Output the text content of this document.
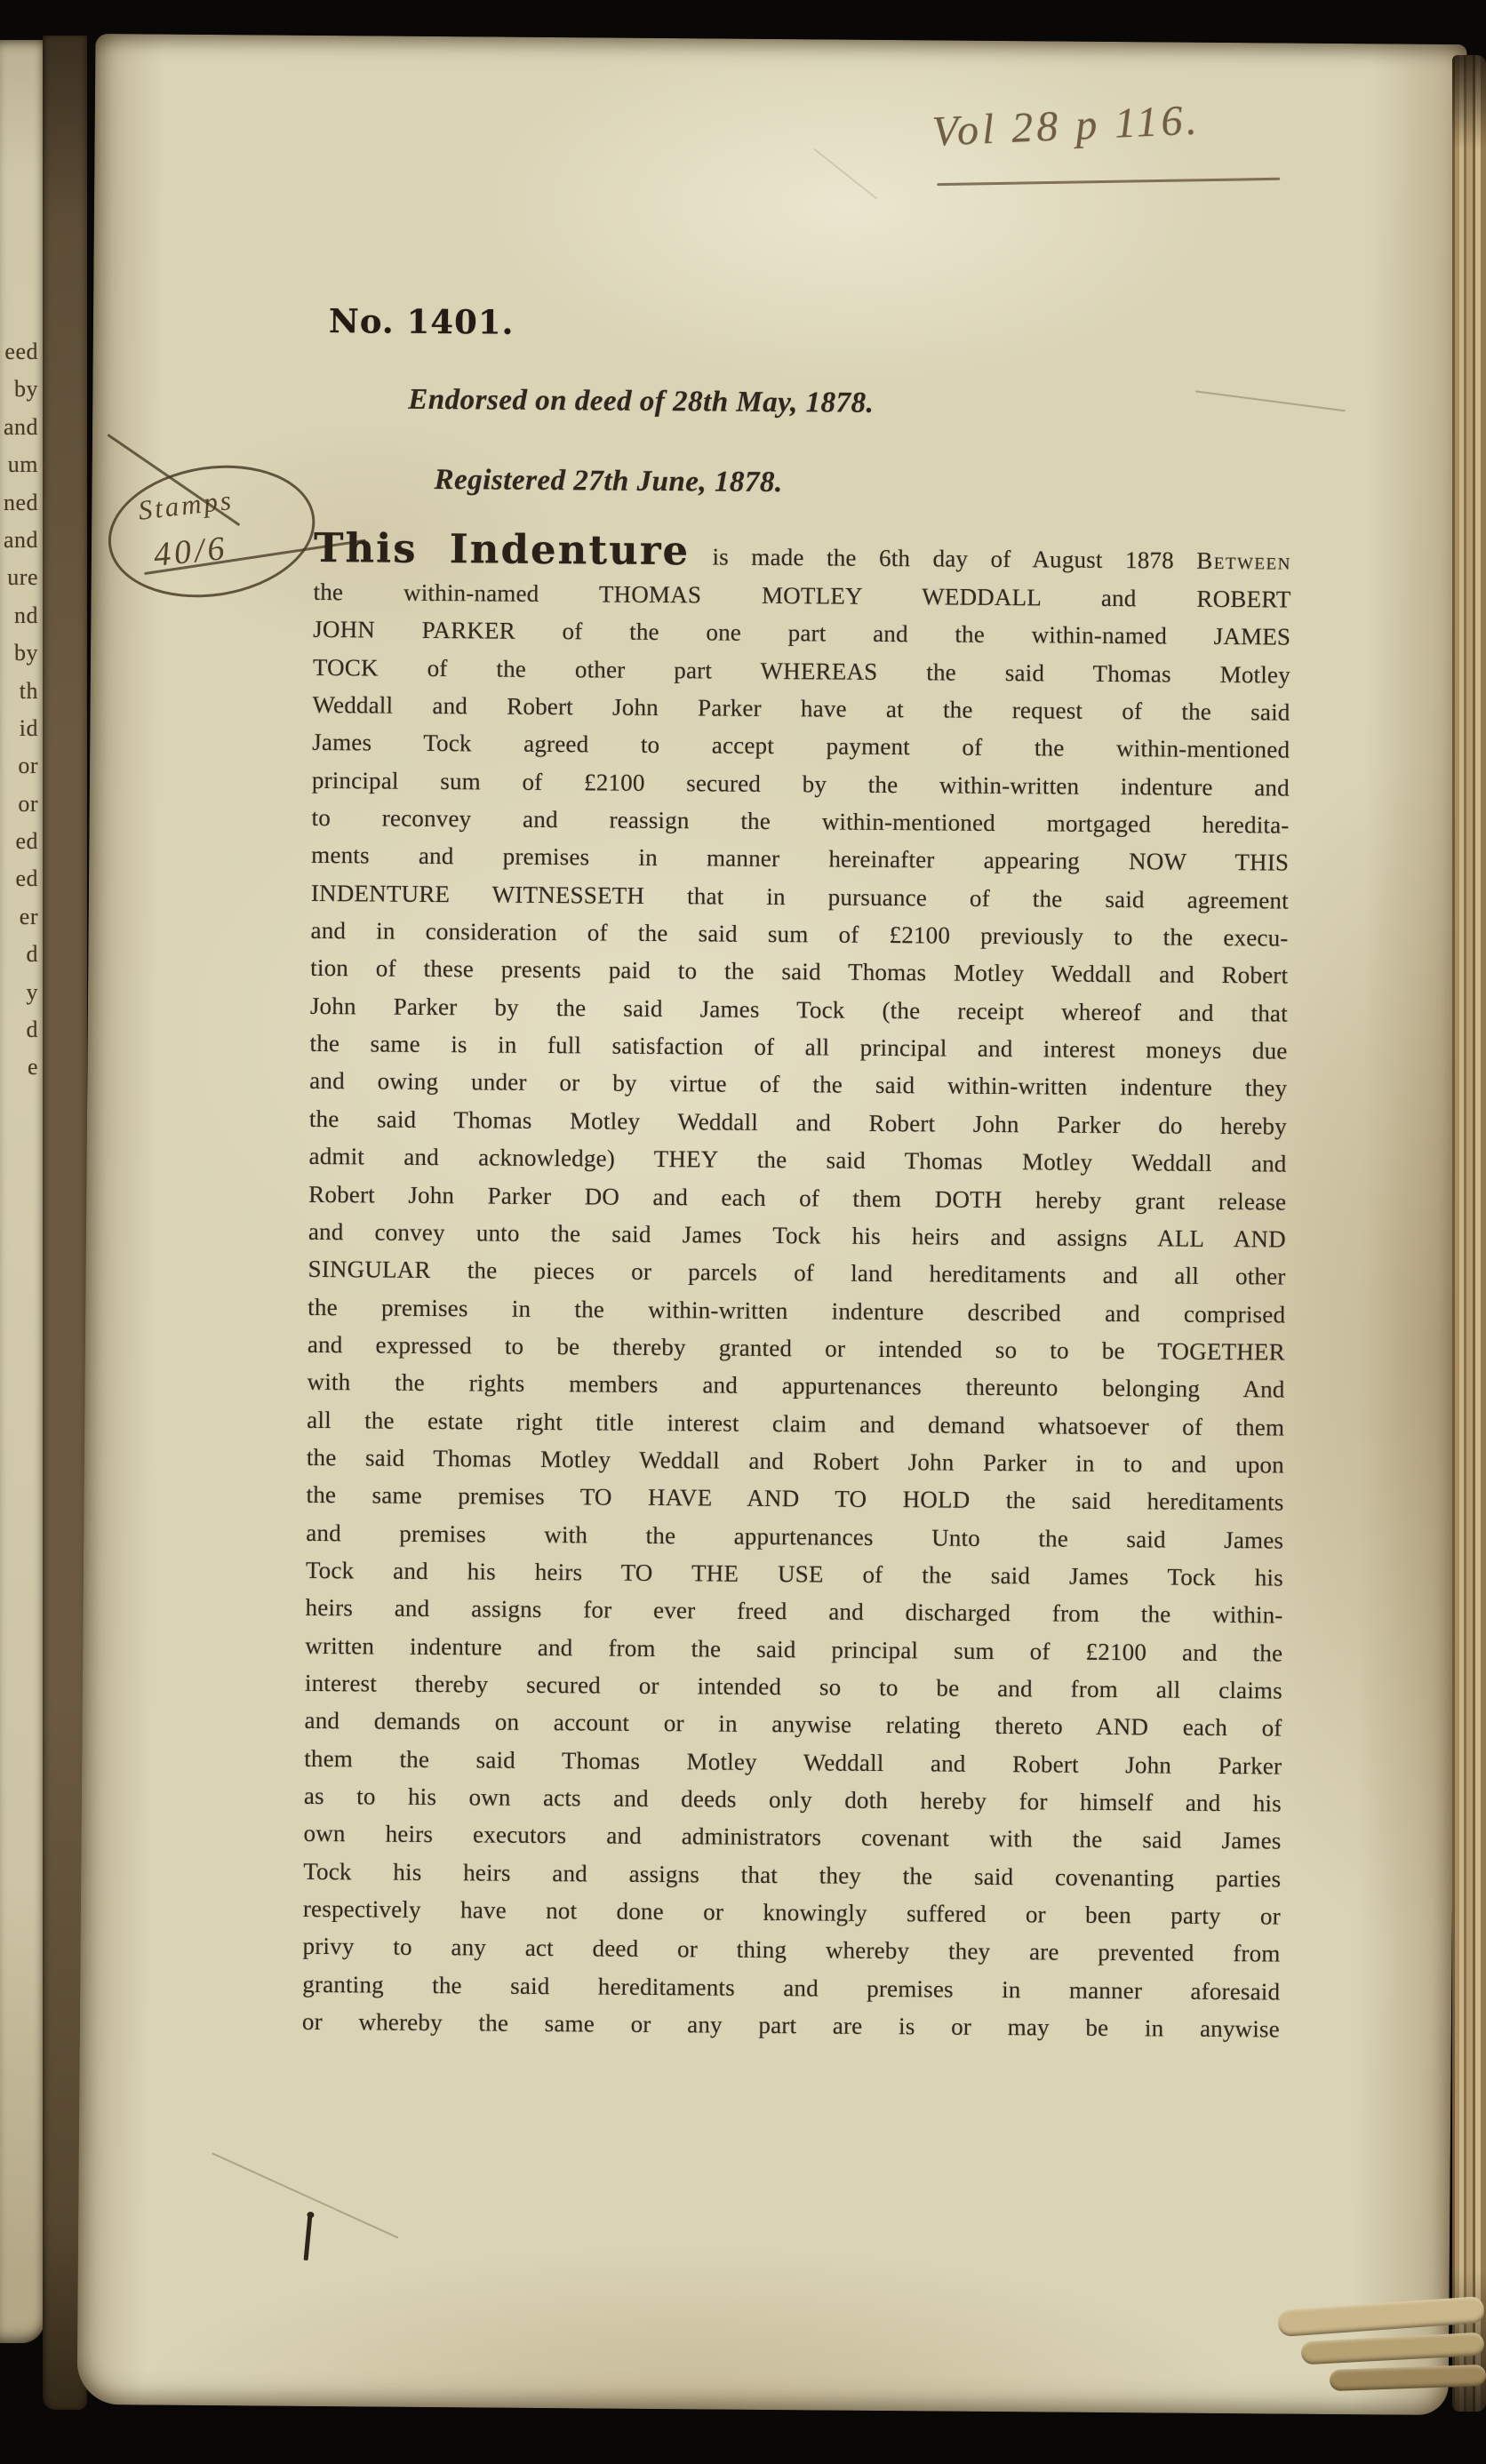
eed
by
and
um
ned
and
ure
nd
by
th
id
or
or
ed
ed
er
d
y
d
e
Vol 28 p 116.
No. 1401.
Endorsed on deed of 28th May, 1878.
Registered 27th June, 1878.
Stamps
40/6 This Indenture is made the 6th day of August 1878 Between
the within-named THOMAS MOTLEY WEDDALL and ROBERT
JOHN PARKER of the one part and the within-named JAMES
TOCK of the other part WHEREAS the said Thomas Motley
Weddall and Robert John Parker have at the request of the said
James Tock agreed to accept payment of the within-mentioned
principal sum of £2100 secured by the within-written indenture and
to reconvey and reassign the within-mentioned mortgaged heredita-
ments and premises in manner hereinafter appearing NOW THIS
INDENTURE WITNESSETH that in pursuance of the said agreement
and in consideration of the said sum of £2100 previously to the execu-
tion of these presents paid to the said Thomas Motley Weddall and Robert
John Parker by the said James Tock (the receipt whereof and that
the same is in full satisfaction of all principal and interest moneys due
and owing under or by virtue of the said within-written indenture they
the said Thomas Motley Weddall and Robert John Parker do hereby
admit and acknowledge) THEY the said Thomas Motley Weddall and
Robert John Parker DO and each of them DOTH hereby grant release
and convey unto the said James Tock his heirs and assigns ALL AND
SINGULAR the pieces or parcels of land hereditaments and all other
the premises in the within-written indenture described and comprised
and expressed to be thereby granted or intended so to be TOGETHER
with the rights members and appurtenances thereunto belonging And
all the estate right title interest claim and demand whatsoever of them
the said Thomas Motley Weddall and Robert John Parker in to and upon
the same premises TO HAVE AND TO HOLD the said hereditaments
and premises with the appurtenances Unto the said James
Tock and his heirs TO THE USE of the said James Tock his
heirs and assigns for ever freed and discharged from the within-
written indenture and from the said principal sum of £2100 and the
interest thereby secured or intended so to be and from all claims
and demands on account or in anywise relating thereto AND each of
them the said Thomas Motley Weddall and Robert John Parker
as to his own acts and deeds only doth hereby for himself and his
own heirs executors and administrators covenant with the said James
Tock his heirs and assigns that they the said covenanting parties
respectively have not done or knowingly suffered or been party or
privy to any act deed or thing whereby they are prevented from
granting the said hereditaments and premises in manner aforesaid
or whereby the same or any part are is or may be in anywise
